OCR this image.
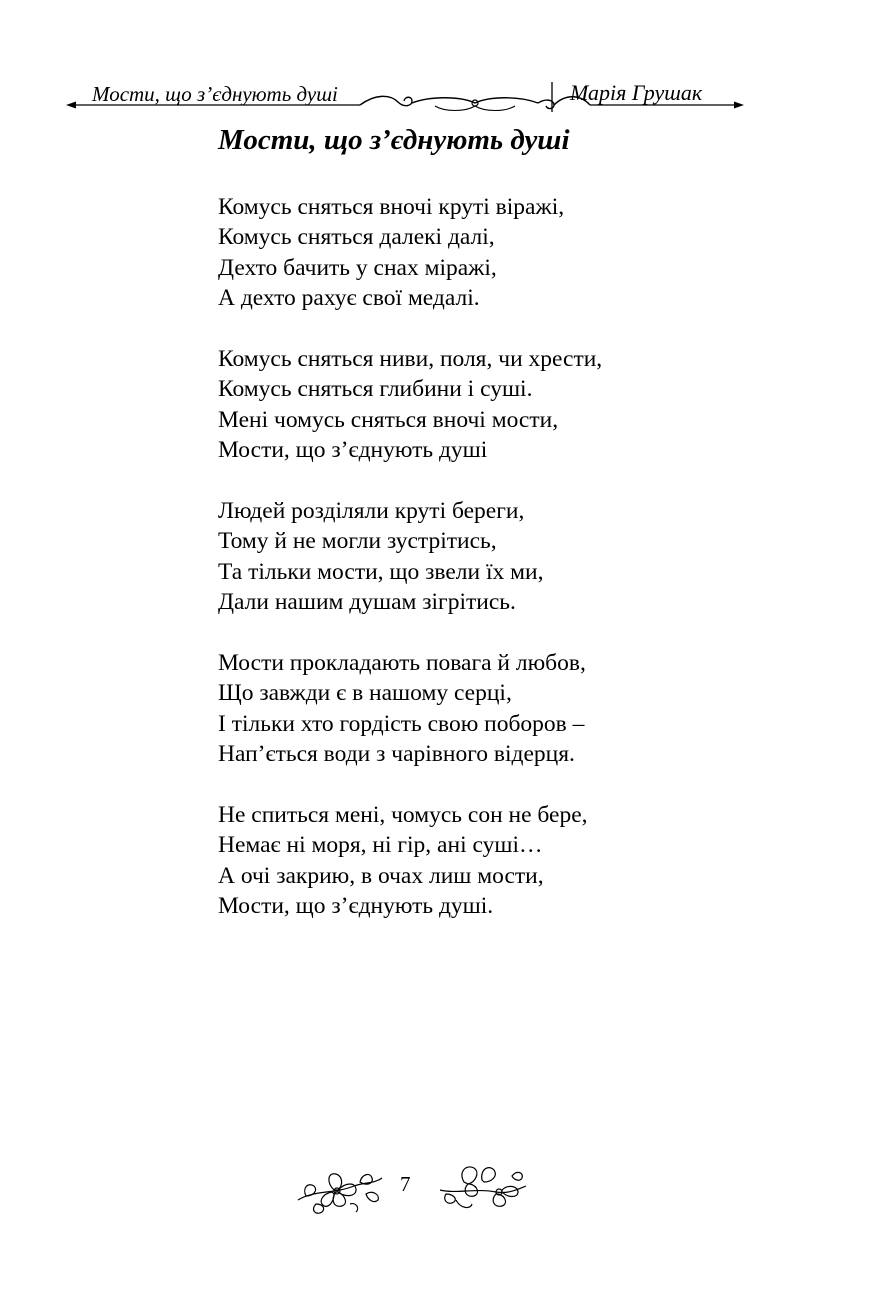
Мости, що з’єднують душі	Марія Грушак
Мости, що з’єднують душі

Комусь сняться вночі круті віражі,
Комусь сняться далекі далі,
Дехто бачить у снах міражі,
А дехто рахує свої медалі.

Комусь сняться ниви, поля, чи хрести,
Комусь сняться глибини і суші.
Мені чомусь сняться вночі мости,
Мости, що з’єднують душі

Людей розділяли круті береги,
Тому й не могли зустрітись,
Та тільки мости, що звели їх ми,
Дали нашим душам зігрітись.

Мости прокладають повага й любов,
Що завжди є в нашому серці,
І тільки хто гордість свою поборов –
Нап’ється води з чарівного відерця.

Не спиться мені, чомусь сон не бере,
Немає ні моря, ні гір, ані суші…
А очі закрию, в очах лиш мости,
Мости, що з’єднують душі.

7
